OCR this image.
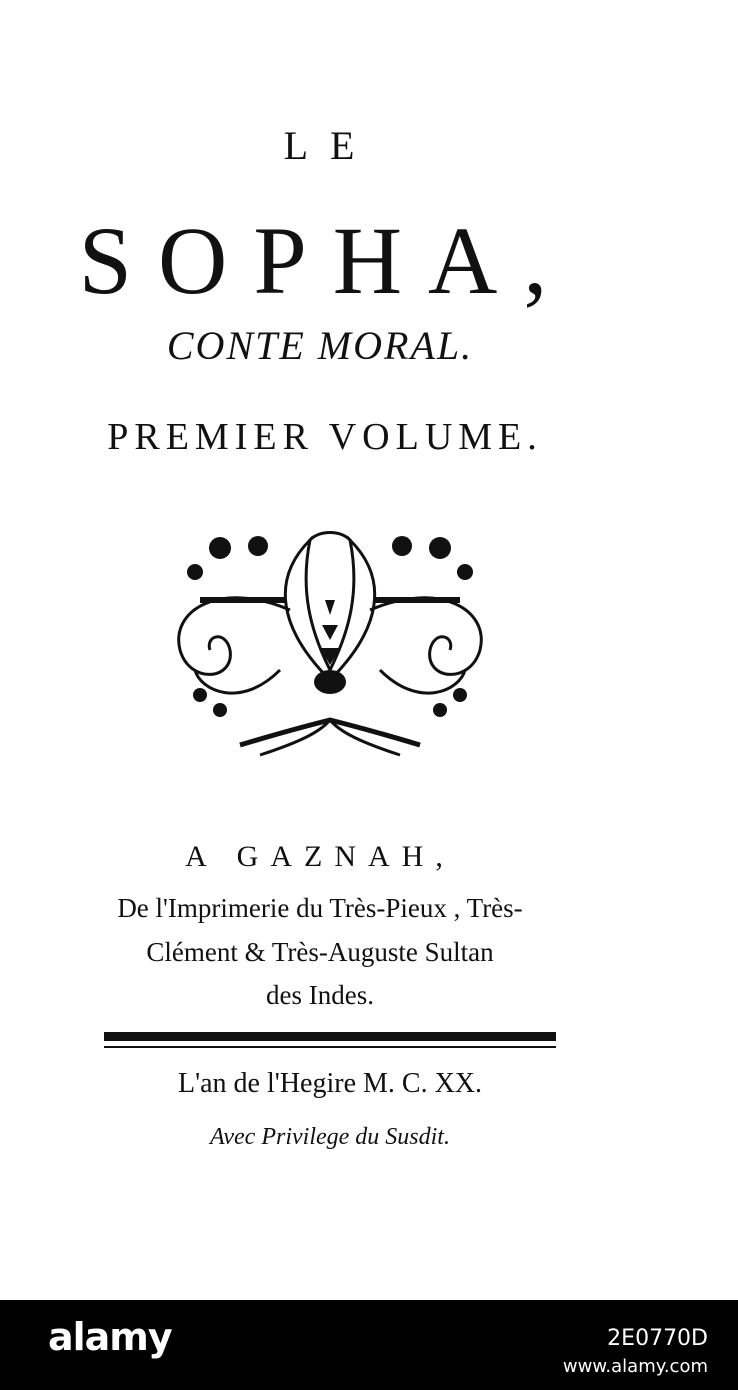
LE
SOPHA,
CONTE MORAL.
PREMIER VOLUME.
A GAZNAH,
De l'Imprimerie du Très-Pieux , Très-
Clément & Très-Auguste Sultan
des Indes.
L'an de l'Hegire M. C. XX.
Avec Privilege du Susdit.
alamy	2E0770D
www.alamy.com
